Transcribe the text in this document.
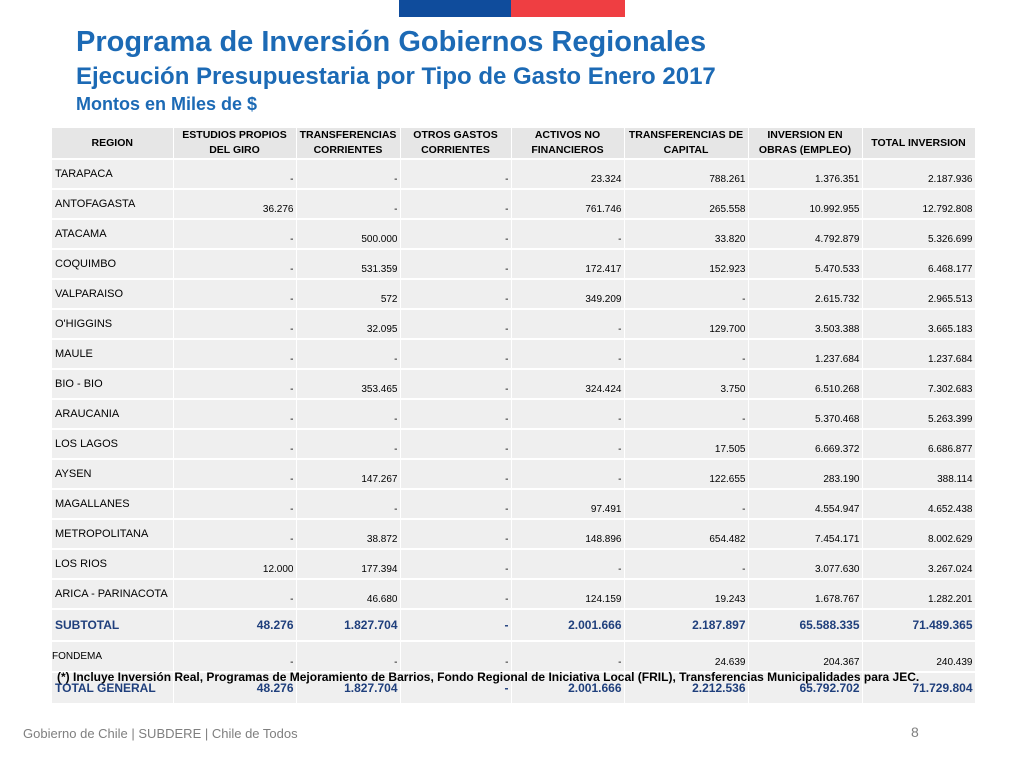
Programa de Inversión Gobiernos Regionales
Ejecución Presupuestaria por Tipo de Gasto Enero 2017
Montos en Miles de $
REGION	ESTUDIOS PROPIOS DEL GIRO	TRANSFERENCIAS CORRIENTES	OTROS GASTOS CORRIENTES	ACTIVOS NO FINANCIEROS	TRANSFERENCIAS DE CAPITAL	INVERSION EN OBRAS (EMPLEO)	TOTAL INVERSION
TARAPACA	-	-	-	23.324	788.261	1.376.351	2.187.936
ANTOFAGASTA	36.276	-	-	761.746	265.558	10.992.955	12.792.808
ATACAMA	-	500.000	-	-	33.820	4.792.879	5.326.699
COQUIMBO	-	531.359	-	172.417	152.923	5.470.533	6.468.177
VALPARAISO	-	572	-	349.209	-	2.615.732	2.965.513
O'HIGGINS	-	32.095	-	-	129.700	3.503.388	3.665.183
MAULE	-	-	-	-	-	1.237.684	1.237.684
BIO - BIO	-	353.465	-	324.424	3.750	6.510.268	7.302.683
ARAUCANIA	-	-	-	-	-	5.370.468	5.263.399
LOS LAGOS	-	-	-	-	17.505	6.669.372	6.686.877
AYSEN	-	147.267	-	-	122.655	283.190	388.114
MAGALLANES	-	-	-	97.491	-	4.554.947	4.652.438
METROPOLITANA	-	38.872	-	148.896	654.482	7.454.171	8.002.629
LOS RIOS	12.000	177.394	-	-	-	3.077.630	3.267.024
ARICA - PARINACOTA	-	46.680	-	124.159	19.243	1.678.767	1.282.201
SUBTOTAL	48.276	1.827.704	-	2.001.666	2.187.897	65.588.335	71.489.365
FONDEMA	-	-	-	-	24.639	204.367	240.439
TOTAL GENERAL	48.276	1.827.704	-	2.001.666	2.212.536	65.792.702	71.729.804

(*) Incluye Inversión Real, Programas de Mejoramiento de Barrios, Fondo Regional de Iniciativa Local (FRIL), Transferencias Municipalidades para JEC.

Gobierno de Chile | SUBDERE | Chile de Todos	8
